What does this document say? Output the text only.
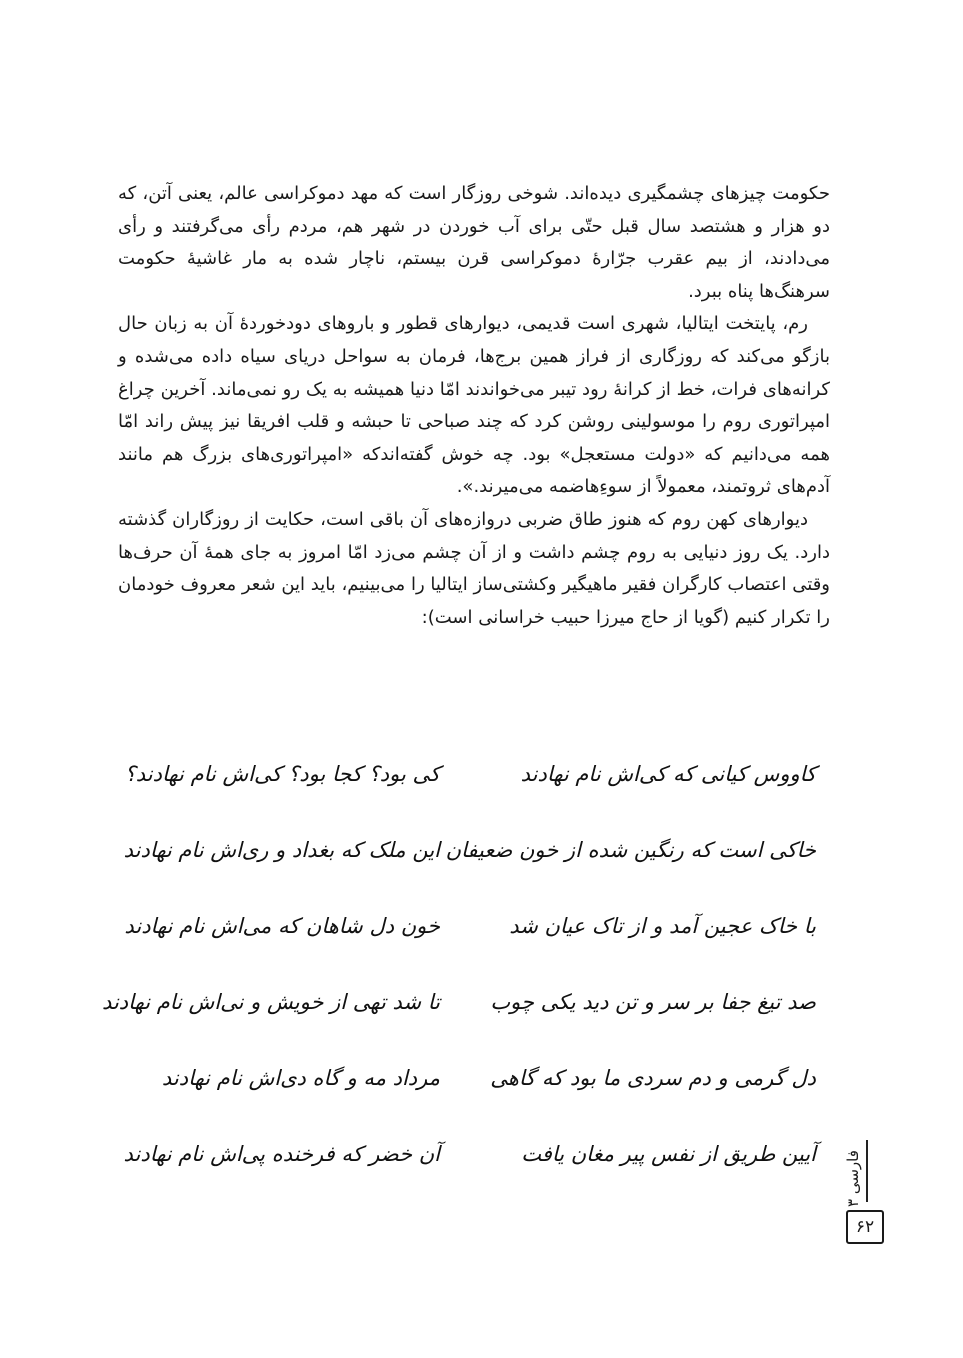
حکومت چیزهای چشمگیری دیده‌اند. شوخی روزگار است که مهد دموکراسی عالم، یعنی آتن، که دو هزار و هشتصد سال قبل حتّی برای آب خوردن در شهر هم، مردم رأی می‌گرفتند و رأی می‌دادند، از بیم عقرب جرّارۀ دموکراسی قرن بیستم، ناچار شده به مار غاشیۀ حکومت سرهنگ‌ها پناه ببرد.

رم، پایتخت ایتالیا، شهری است قدیمی، دیوارهای قطور و باروهای دودخوردۀ آن به زبان حال بازگو می‌کند که روزگاری از فراز همین برج‌ها، فرمان به سواحل دریای سیاه داده می‌شده و کرانه‌های فرات، خط از کرانۀ رود تیبر می‌خواندند امّا دنیا همیشه به یک رو نمی‌ماند. آخرین چراغ امپراتوری روم را موسولینی روشن کرد که چند صباحی تا حبشه و قلب افریقا نیز پیش راند امّا همه می‌دانیم که «دولت مستعجل» بود. چه خوش گفته‌اندکه «امپراتوری‌های بزرگ هم مانند آدم‌های ثروتمند، معمولاً از سوءِهاضمه می‌میرند.».

دیوارهای کهن روم که هنوز طاق ضربی دروازه‌های آن باقی است، حکایت از روزگاران گذشته دارد. یک روز دنیایی به روم چشم داشت و از آن چشم می‌زد امّا امروز به جای همۀ آن حرف‌ها وقتی اعتصاب کارگران فقیر ماهیگیر وکشتی‌ساز ایتالیا را می‌بینیم، باید این شعر معروف خودمان را تکرار کنیم (گویا از حاج میرزا حبیب خراسانی است):

کاووس کیانی که کی‌اش نام نهادند
کی بود؟ کجا بود؟ کی‌اش نام نهادند؟
خاکی است که رنگین شده از خون ضعیفان
این ملک که بغداد و ری‌اش نام نهادند
با خاک عجین آمد و از تاک عیان شد
خون دل شاهان که می‌اش نام نهادند
صد تیغ جفا بر سر و تن دید یکی چوب
تا شد تهی از خویش و نی‌اش نام نهادند
دل گرمی و دم سردی ما بود که گاهی
مرداد مه و گاه دی‌اش نام نهادند
آیین طریق از نفس پیر مغان یافت
آن خضر که فرخنده پی‌اش نام نهادند
فارسی ۳
۶۲
